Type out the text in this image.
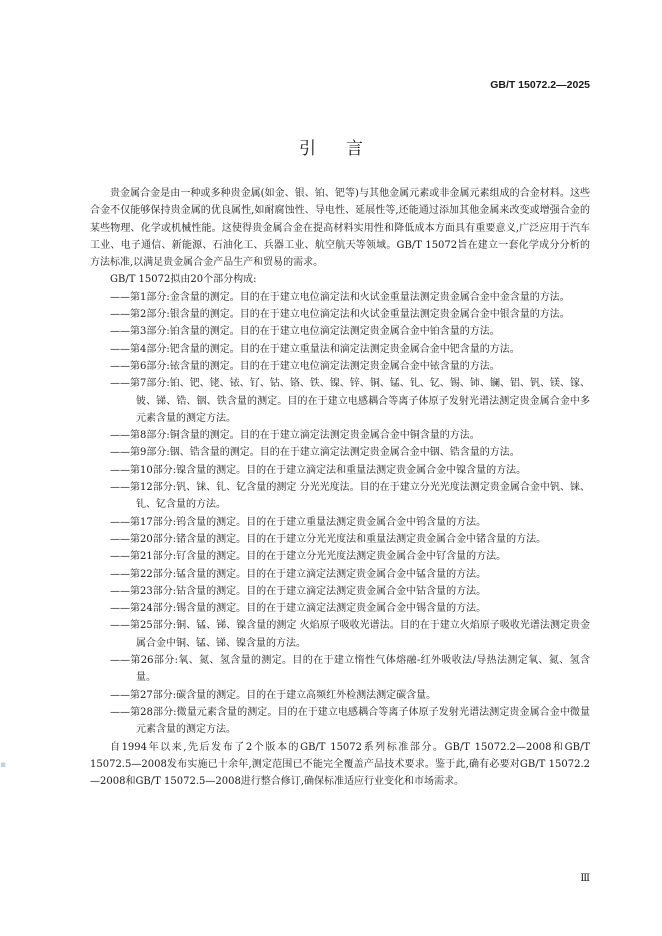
GB/T 15072.2—2025
引言

贵金属合金是由一种或多种贵金属(如金、银、铂、钯等)与其他金属元素或非金属元素组成的合金材料。这些合金不仅能够保持贵金属的优良属性,如耐腐蚀性、导电性、延展性等,还能通过添加其他金属来改变或增强合金的某些物理、化学或机械性能。这使得贵金属合金在提高材料实用性和降低成本方面具有重要意义,广泛应用于汽车工业、电子通信、新能源、石油化工、兵器工业、航空航天等领域。GB/T 15072旨在建立一套化学成分分析的方法标准,以满足贵金属合金产品生产和贸易的需求。

GB/T 15072拟由20个部分构成:

——第1部分:金含量的测定。目的在于建立电位滴定法和火试金重量法测定贵金属合金中金含量的方法。
——第2部分:银含量的测定。目的在于建立电位滴定法和火试金重量法测定贵金属合金中银含量的方法。
——第3部分:铂含量的测定。目的在于建立电位滴定法测定贵金属合金中铂含量的方法。
——第4部分:钯含量的测定。目的在于建立重量法和滴定法测定贵金属合金中钯含量的方法。
——第6部分:铱含量的测定。目的在于建立电位滴定法测定贵金属合金中铱含量的方法。
——第7部分:铂、钯、铑、铱、钌、钴、铬、铁、镍、锌、铜、锰、钆、钇、锡、铈、镧、铝、钒、镁、镓、铍、锑、锆、铟、铁含量的测定。目的在于建立电感耦合等离子体原子发射光谱法测定贵金属合金中多元素含量的测定方法。
——第8部分:铜含量的测定。目的在于建立滴定法测定贵金属合金中铜含量的方法。
——第9部分:铟、锆含量的测定。目的在于建立滴定法测定贵金属合金中铟、锆含量的方法。
——第10部分:镍含量的测定。目的在于建立滴定法和重量法测定贵金属合金中镍含量的方法。
——第12部分:钒、铼、钆、钇含量的测定 分光光度法。目的在于建立分光光度法测定贵金属合金中钒、铼、钆、钇含量的方法。
——第17部分:钨含量的测定。目的在于建立重量法测定贵金属合金中钨含量的方法。
——第20部分:锗含量的测定。目的在于建立分光光度法和重量法测定贵金属合金中锗含量的方法。
——第21部分:钌含量的测定。目的在于建立分光光度法测定贵金属合金中钌含量的方法。
——第22部分:锰含量的测定。目的在于建立滴定法测定贵金属合金中锰含量的方法。
——第23部分:钴含量的测定。目的在于建立滴定法测定贵金属合金中钴含量的方法。
——第24部分:锡含量的测定。目的在于建立滴定法测定贵金属合金中锡含量的方法。
——第25部分:铜、锰、锑、镍含量的测定 火焰原子吸收光谱法。目的在于建立火焰原子吸收光谱法测定贵金属合金中铜、锰、锑、镍含量的方法。
——第26部分:氧、氮、氢含量的测定。目的在于建立惰性气体熔融-红外吸收法/导热法测定氧、氮、氢含量。
——第27部分:碳含量的测定。目的在于建立高频红外检测法测定碳含量。
——第28部分:微量元素含量的测定。目的在于建立电感耦合等离子体原子发射光谱法测定贵金属合金中微量元素含量的测定方法。

自1994年以来,先后发布了2个版本的GB/T 15072系列标准部分。GB/T 15072.2—2008和GB/T 15072.5—2008发布实施已十余年,测定范围已不能完全覆盖产品技术要求。鉴于此,确有必要对GB/T 15072.2—2008和GB/T 15072.5—2008进行整合修订,确保标准适应行业变化和市场需求。

Ⅲ
▪
